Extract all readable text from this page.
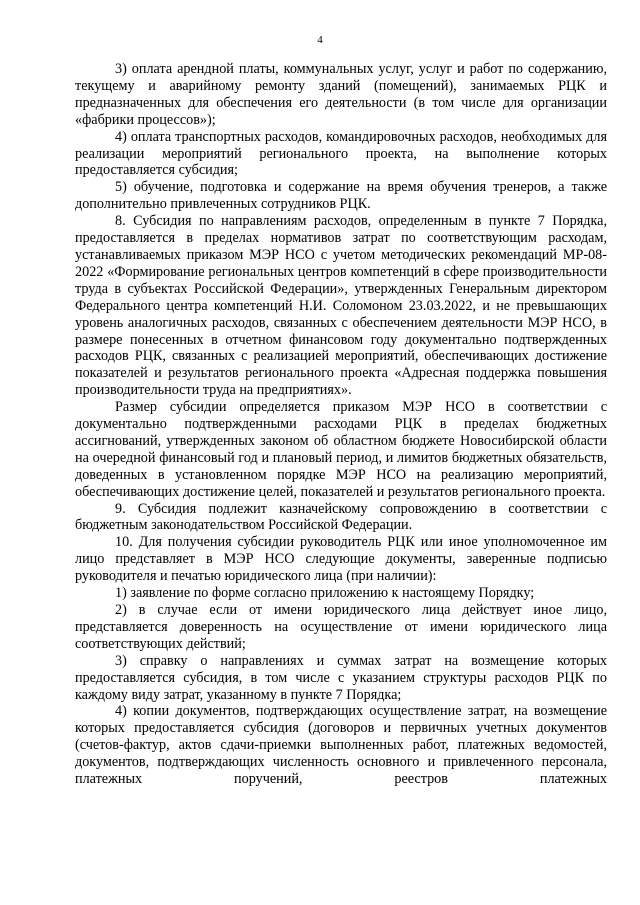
4

3) оплата арендной платы, коммунальных услуг, услуг и работ по содержанию, текущему и аварийному ремонту зданий (помещений), занимаемых РЦК и предназначенных для обеспечения его деятельности (в том числе для организации «фабрики процессов»);

4) оплата транспортных расходов, командировочных расходов, необходимых для реализации мероприятий регионального проекта, на выполнение которых предоставляется субсидия;

5) обучение, подготовка и содержание на время обучения тренеров, а также дополнительно привлеченных сотрудников РЦК.

8. Субсидия по направлениям расходов, определенным в пункте 7 Порядка, предоставляется в пределах нормативов затрат по соответствующим расходам, устанавливаемых приказом МЭР НСО с учетом методических рекомендаций МР-08-2022 «Формирование региональных центров компетенций в сфере производительности труда в субъектах Российской Федерации», утвержденных Генеральным директором Федерального центра компетенций Н.И. Соломоном 23.03.2022, и не превышающих уровень аналогичных расходов, связанных с обеспечением деятельности МЭР НСО, в размере понесенных в отчетном финансовом году документально подтвержденных расходов РЦК, связанных с реализацией мероприятий, обеспечивающих достижение показателей и результатов регионального проекта «Адресная поддержка повышения производительности труда на предприятиях».

Размер субсидии определяется приказом МЭР НСО в соответствии с документально подтвержденными расходами РЦК в пределах бюджетных ассигнований, утвержденных законом об областном бюджете Новосибирской области на очередной финансовый год и плановый период, и лимитов бюджетных обязательств, доведенных в установленном порядке МЭР НСО на реализацию мероприятий, обеспечивающих достижение целей, показателей и результатов регионального проекта.

9. Субсидия подлежит казначейскому сопровождению в соответствии с бюджетным законодательством Российской Федерации.

10. Для получения субсидии руководитель РЦК или иное уполномоченное им лицо представляет в МЭР НСО следующие документы, заверенные подписью руководителя и печатью юридического лица (при наличии):

1) заявление по форме согласно приложению к настоящему Порядку;

2) в случае если от имени юридического лица действует иное лицо, представляется доверенность на осуществление от имени юридического лица соответствующих действий;

3) справку о направлениях и суммах затрат на возмещение которых предоставляется субсидия, в том числе с указанием структуры расходов РЦК по каждому виду затрат, указанному в пункте 7 Порядка;

4) копии документов, подтверждающих осуществление затрат, на возмещение которых предоставляется субсидия (договоров и первичных учетных документов (счетов-фактур, актов сдачи-приемки выполненных работ, платежных ведомостей, документов, подтверждающих численность основного и привлеченного персонала, платежных поручений, реестров платежных
